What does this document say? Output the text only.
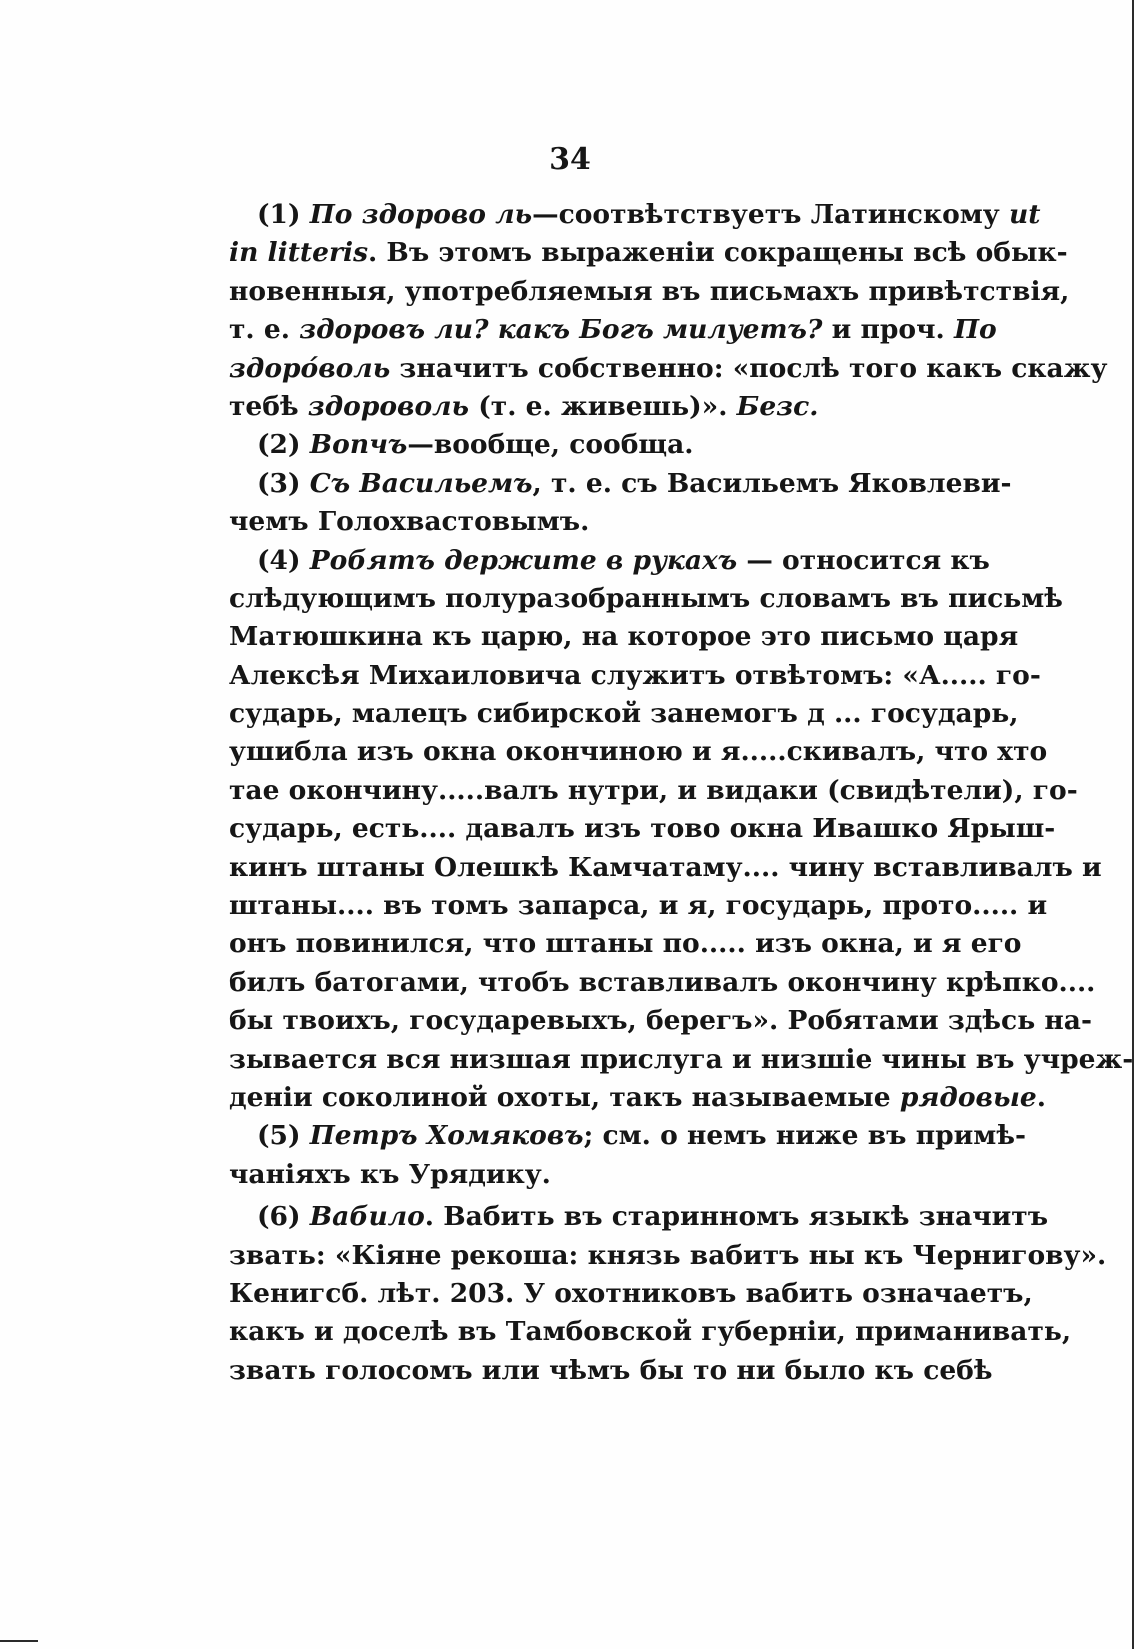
34
(1) По здорово ль—соотвѣтствуетъ Латинскому ut
in litteris. Въ этомъ выраженіи сокращены всѣ обык-
новенныя, употребляемыя въ письмахъ привѣтствія,
т. е. здоровъ ли? какъ Богъ милуетъ? и проч. По
здоро́воль значитъ собственно: «послѣ того какъ скажу
тебѣ здороволь (т. е. живешь)». Безс.
(2) Вопчъ—вообще, сообща.
(3) Съ Васильемъ, т. е. съ Васильемъ Яковлеви-
чемъ Голохвастовымъ.
(4) Робятъ держите в рукахъ — относится къ
слѣдующимъ полуразобраннымъ словамъ въ письмѣ
Матюшкина къ царю, на которое это письмо царя
Алексѣя Михаиловича служитъ отвѣтомъ: «А..... го-
сударь, малецъ сибирской занемогъ д ... государь,
ушибла изъ окна окончиною и я.....скивалъ, что хто
тае окончину.....валъ нутри, и видаки (свидѣтели), го-
сударь, есть.... давалъ изъ тово окна Ивашко Ярыш-
кинъ штаны Олешкѣ Камчатаму.... чину вставливалъ и
штаны.... въ томъ запарса, и я, государь, прото..... и
онъ повинился, что штаны по..... изъ окна, и я его
билъ батогами, чтобъ вставливалъ окончину крѣпко....
бы твоихъ, государевыхъ, берегъ». Робятами здѣсь на-
зывается вся низшая прислуга и низшіе чины въ учреж-
деніи соколиной охоты, такъ называемые рядовые.
(5) Петръ Хомяковъ; см. о немъ ниже въ примѣ-
чаніяхъ къ Урядику.
(6) Вабило. Вабить въ старинномъ языкѣ значитъ
звать: «Кіяне рекоша: князь вабитъ ны къ Чернигову».
Кенигсб. лѣт. 203. У охотниковъ вабить означаетъ,
какъ и доселѣ въ Тамбовской губерніи, приманивать,
звать голосомъ или чѣмъ бы то ни было къ себѣ
